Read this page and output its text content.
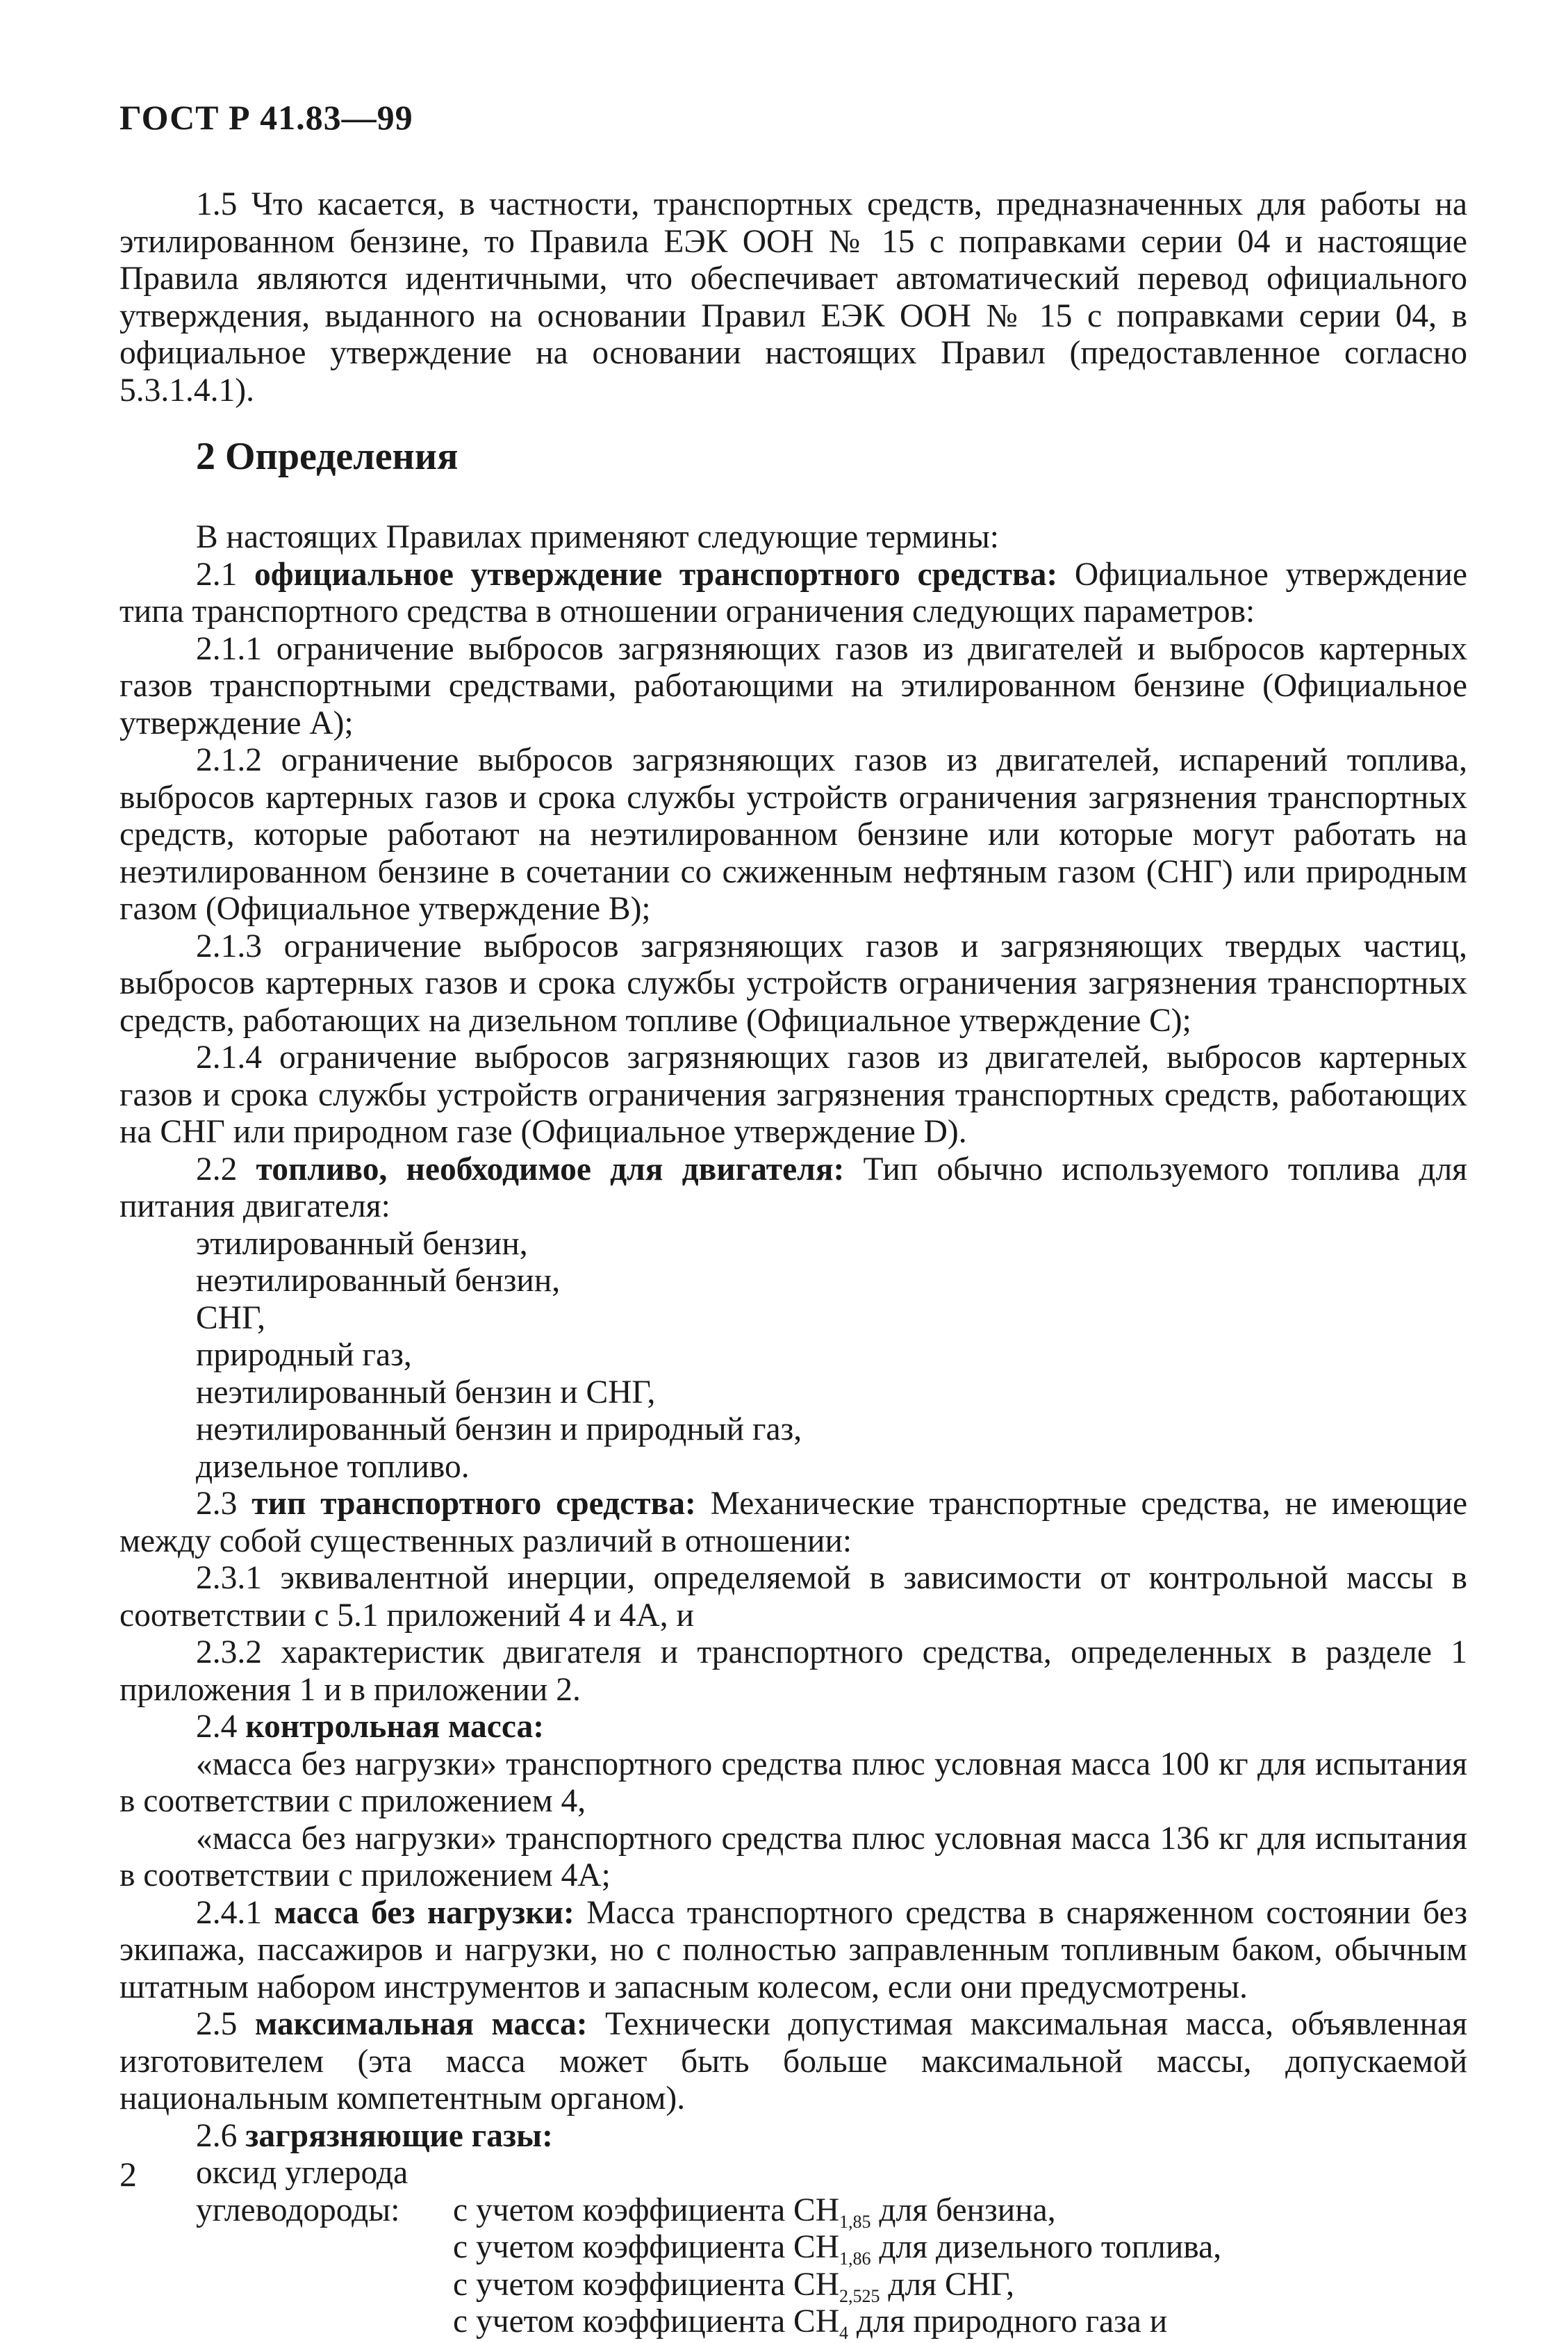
ГОСТ Р 41.83—99

1.5 Что касается, в частности, транспортных средств, предназначенных для работы на этилированном бензине, то Правила ЕЭК ООН № 15 с поправками серии 04 и настоящие Правила являются идентичными, что обеспечивает автоматический перевод официального утверждения, выданного на основании Правил ЕЭК ООН № 15 с поправками серии 04, в официальное утверждение на основании настоящих Правил (предоставленное согласно 5.3.1.4.1).

2 Определения

В настоящих Правилах применяют следующие термины:

2.1 официальное утверждение транспортного средства: Официальное утверждение типа транспортного средства в отношении ограничения следующих параметров:

2.1.1 ограничение выбросов загрязняющих газов из двигателей и выбросов картерных газов транспортными средствами, работающими на этилированном бензине (Официальное утверждение А);

2.1.2 ограничение выбросов загрязняющих газов из двигателей, испарений топлива, выбросов картерных газов и срока службы устройств ограничения загрязнения транспортных средств, которые работают на неэтилированном бензине или которые могут работать на неэтилированном бензине в сочетании со сжиженным нефтяным газом (СНГ) или природным газом (Официальное утверждение В);

2.1.3 ограничение выбросов загрязняющих газов и загрязняющих твердых частиц, выбросов картерных газов и срока службы устройств ограничения загрязнения транспортных средств, работающих на дизельном топливе (Официальное утверждение С);

2.1.4 ограничение выбросов загрязняющих газов из двигателей, выбросов картерных газов и срока службы устройств ограничения загрязнения транспортных средств, работающих на СНГ или природном газе (Официальное утверждение D).

2.2 топливо, необходимое для двигателя: Тип обычно используемого топлива для питания двигателя:

этилированный бензин,
неэтилированный бензин,
СНГ,
природный газ,
неэтилированный бензин и СНГ,
неэтилированный бензин и природный газ,
дизельное топливо.

2.3 тип транспортного средства: Механические транспортные средства, не имеющие между собой существенных различий в отношении:

2.3.1 эквивалентной инерции, определяемой в зависимости от контрольной массы в соответствии с 5.1 приложений 4 и 4А, и

2.3.2 характеристик двигателя и транспортного средства, определенных в разделе 1 приложения 1 и в приложении 2.

2.4 контрольная масса:

«масса без нагрузки» транспортного средства плюс условная масса 100 кг для испытания в соответствии с приложением 4,

«масса без нагрузки» транспортного средства плюс условная масса 136 кг для испытания в соответствии с приложением 4А;

2.4.1 масса без нагрузки: Масса транспортного средства в снаряженном состоянии без экипажа, пассажиров и нагрузки, но с полностью заправленным топливным баком, обычным штатным набором инструментов и запасным колесом, если они предусмотрены.

2.5 максимальная масса: Технически допустимая максимальная масса, объявленная изготовителем (эта масса может быть больше максимальной массы, допускаемой национальным компетентным органом).

2.6 загрязняющие газы:

оксид углерода
углеводороды:	с учетом коэффициента $CH_{1,85}$ для бензина,
с учетом коэффициента $CH_{1,86}$ для дизельного топлива,
с учетом коэффициента $CH_{2,525}$ для СНГ,
с учетом коэффициента $CH_4$ для природного газа и
2
